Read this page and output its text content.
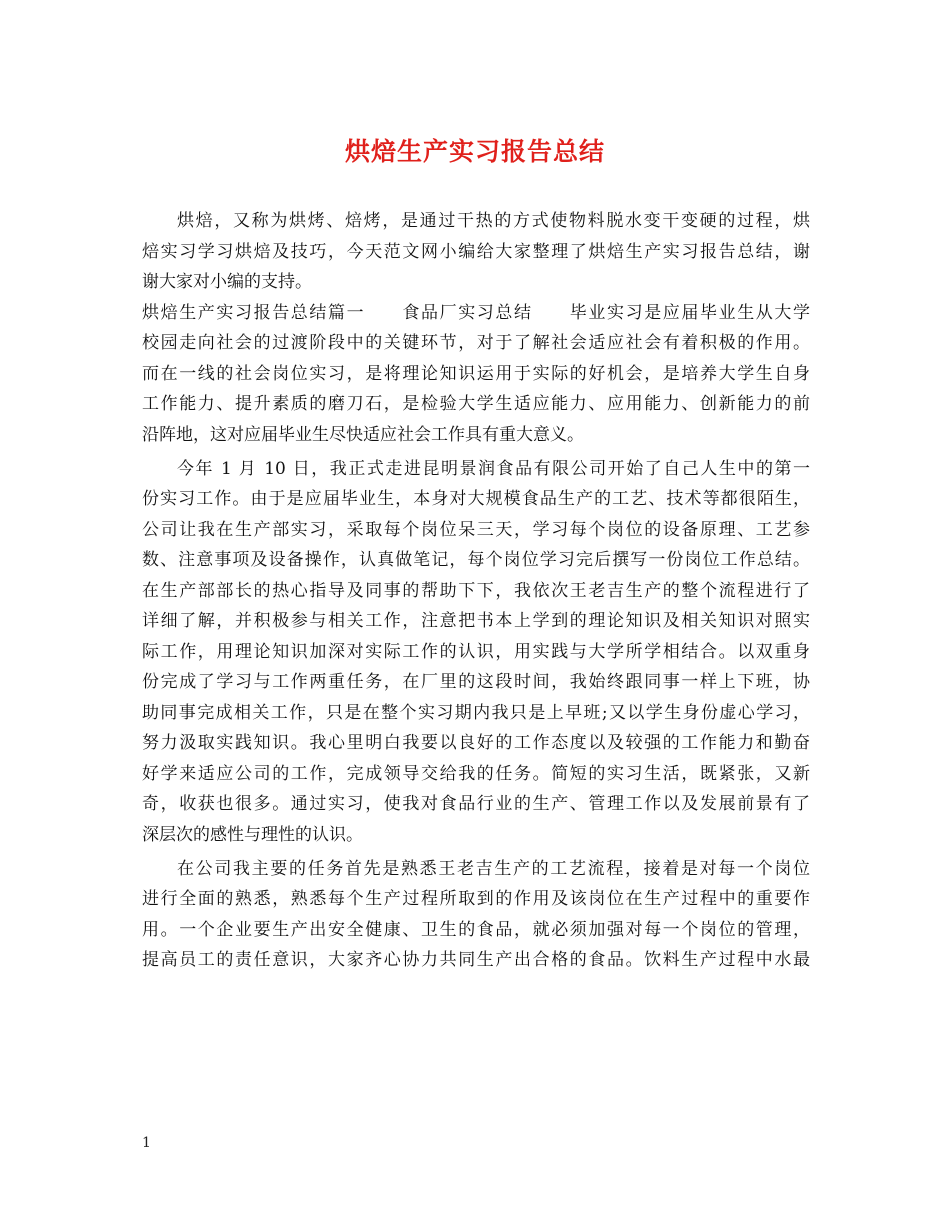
烘焙生产实习报告总结
烘焙，又称为烘烤、焙烤，是通过干热的方式使物料脱水变干变硬的过程，烘
焙实习学习烘焙及技巧，今天范文网小编给大家整理了烘焙生产实习报告总结，谢
谢大家对小编的支持。
烘焙生产实习报告总结篇一　　食品厂实习总结　　毕业实习是应届毕业生从大学
校园走向社会的过渡阶段中的关键环节，对于了解社会适应社会有着积极的作用。
而在一线的社会岗位实习，是将理论知识运用于实际的好机会，是培养大学生自身
工作能力、提升素质的磨刀石，是检验大学生适应能力、应用能力、创新能力的前
沿阵地，这对应届毕业生尽快适应社会工作具有重大意义。
今年 1 月 10 日，我正式走进昆明景润食品有限公司开始了自己人生中的第一
份实习工作。由于是应届毕业生，本身对大规模食品生产的工艺、技术等都很陌生，
公司让我在生产部实习，采取每个岗位呆三天，学习每个岗位的设备原理、工艺参
数、注意事项及设备操作，认真做笔记，每个岗位学习完后撰写一份岗位工作总结。
在生产部部长的热心指导及同事的帮助下下，我依次王老吉生产的整个流程进行了
详细了解，并积极参与相关工作，注意把书本上学到的理论知识及相关知识对照实
际工作，用理论知识加深对实际工作的认识，用实践与大学所学相结合。以双重身
份完成了学习与工作两重任务，在厂里的这段时间，我始终跟同事一样上下班，协
助同事完成相关工作，只是在整个实习期内我只是上早班;又以学生身份虚心学习，
努力汲取实践知识。我心里明白我要以良好的工作态度以及较强的工作能力和勤奋
好学来适应公司的工作，完成领导交给我的任务。简短的实习生活，既紧张，又新
奇，收获也很多。通过实习，使我对食品行业的生产、管理工作以及发展前景有了
深层次的感性与理性的认识。
在公司我主要的任务首先是熟悉王老吉生产的工艺流程，接着是对每一个岗位
进行全面的熟悉，熟悉每个生产过程所取到的作用及该岗位在生产过程中的重要作
用。一个企业要生产出安全健康、卫生的食品，就必须加强对每一个岗位的管理，
提高员工的责任意识，大家齐心协力共同生产出合格的食品。饮料生产过程中水最
1
